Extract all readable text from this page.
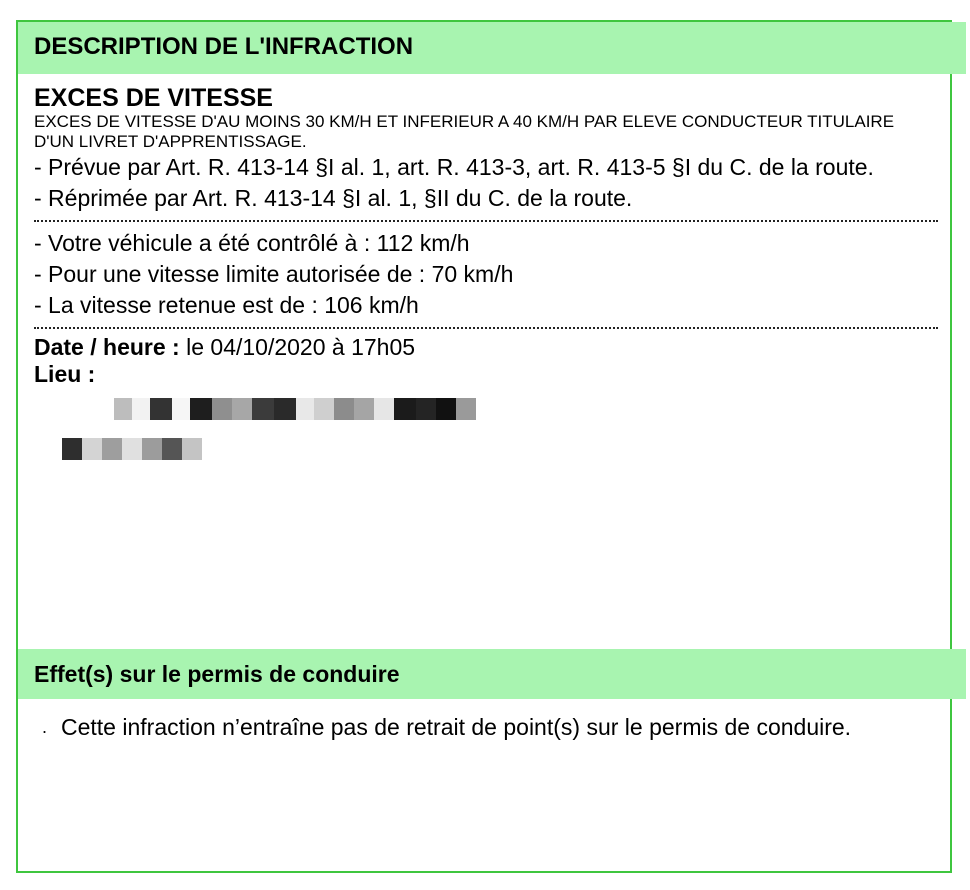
DESCRIPTION DE L'INFRACTION
EXCES DE VITESSE
EXCES DE VITESSE D'AU MOINS 30 KM/H ET INFERIEUR A 40 KM/H PAR ELEVE CONDUCTEUR TITULAIRE D'UN LIVRET D'APPRENTISSAGE.
- Prévue par Art. R. 413-14 §I al. 1, art. R. 413-3, art. R. 413-5 §I du C. de la route.
- Réprimée par Art. R. 413-14 §I al. 1, §II du C. de la route.
- Votre véhicule a été contrôlé à : 112 km/h
- Pour une vitesse limite autorisée de : 70 km/h
- La vitesse retenue est de : 106 km/h
Date / heure : le 04/10/2020 à 17h05
Lieu :
Effet(s) sur le permis de conduire
. Cette infraction n’entraîne pas de retrait de point(s) sur le permis de conduire.
